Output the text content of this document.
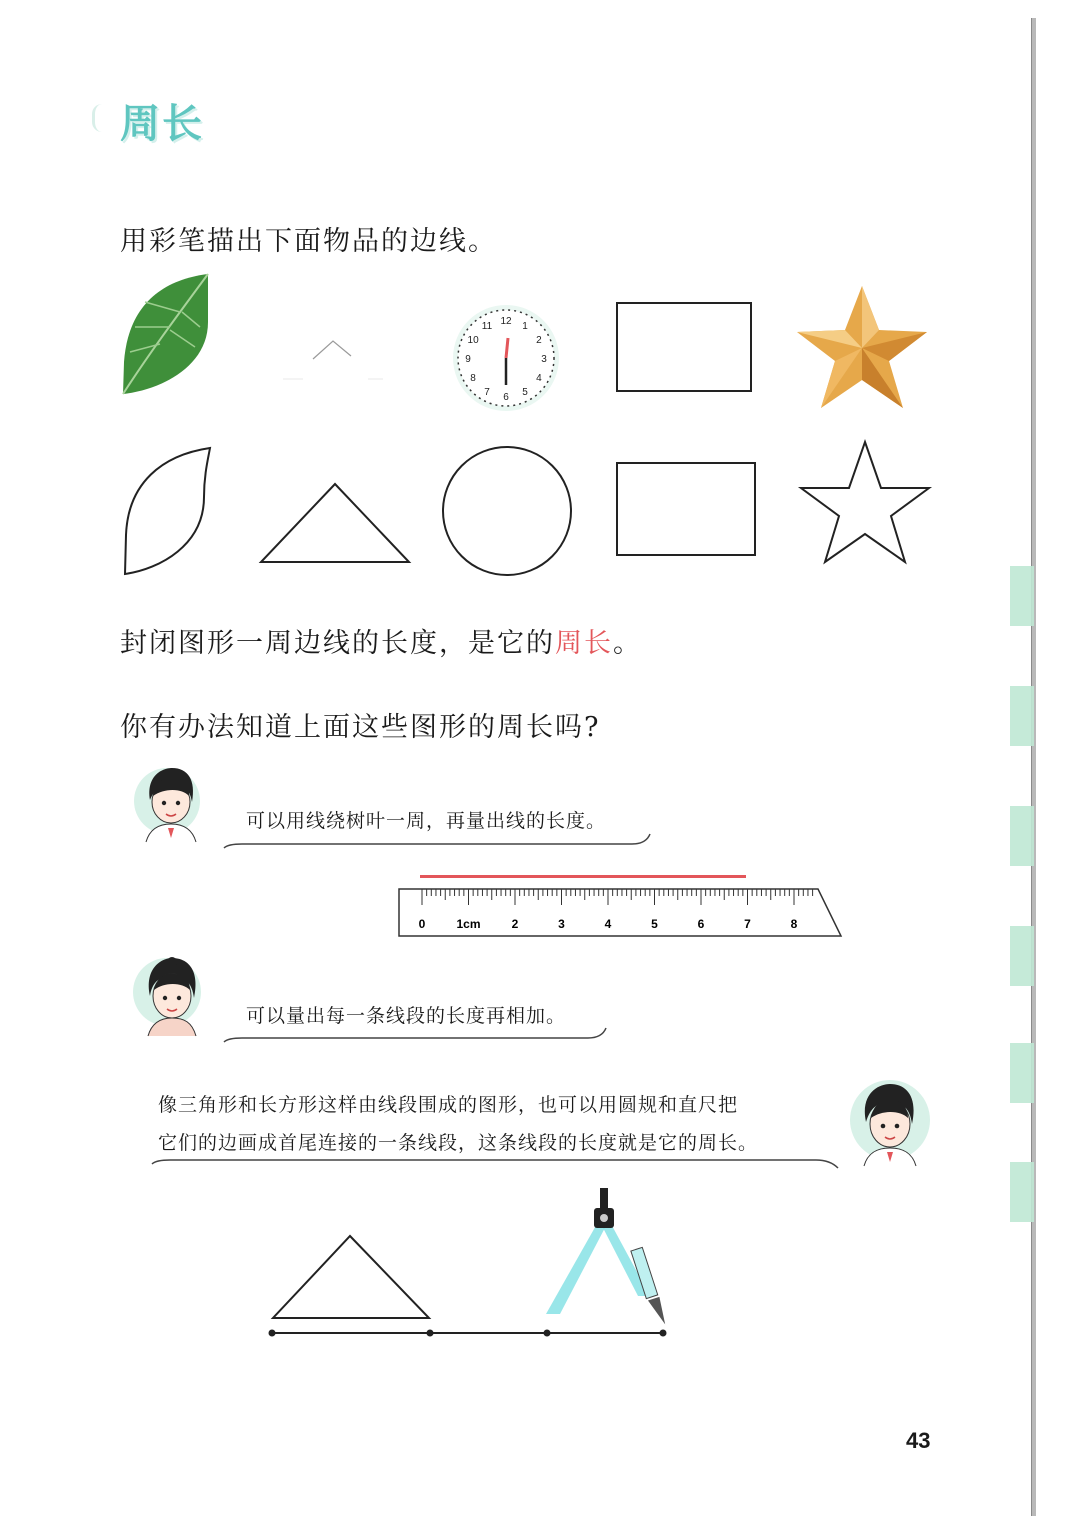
周长
用彩笔描出下面物品的边线。
12 1
2
3
4
5
6
7
8
9
10
11
封闭图形一周边线的长度，是它的周长。
你有办法知道上面这些图形的周长吗?
可以用线绕树叶一周，再量出线的长度。
0	1cm	2	3	4	5	6	7	8
可以量出每一条线段的长度再相加。
像三角形和长方形这样由线段围成的图形，也可以用圆规和直尺把
它们的边画成首尾连接的一条线段，这条线段的长度就是它的周长。
43
